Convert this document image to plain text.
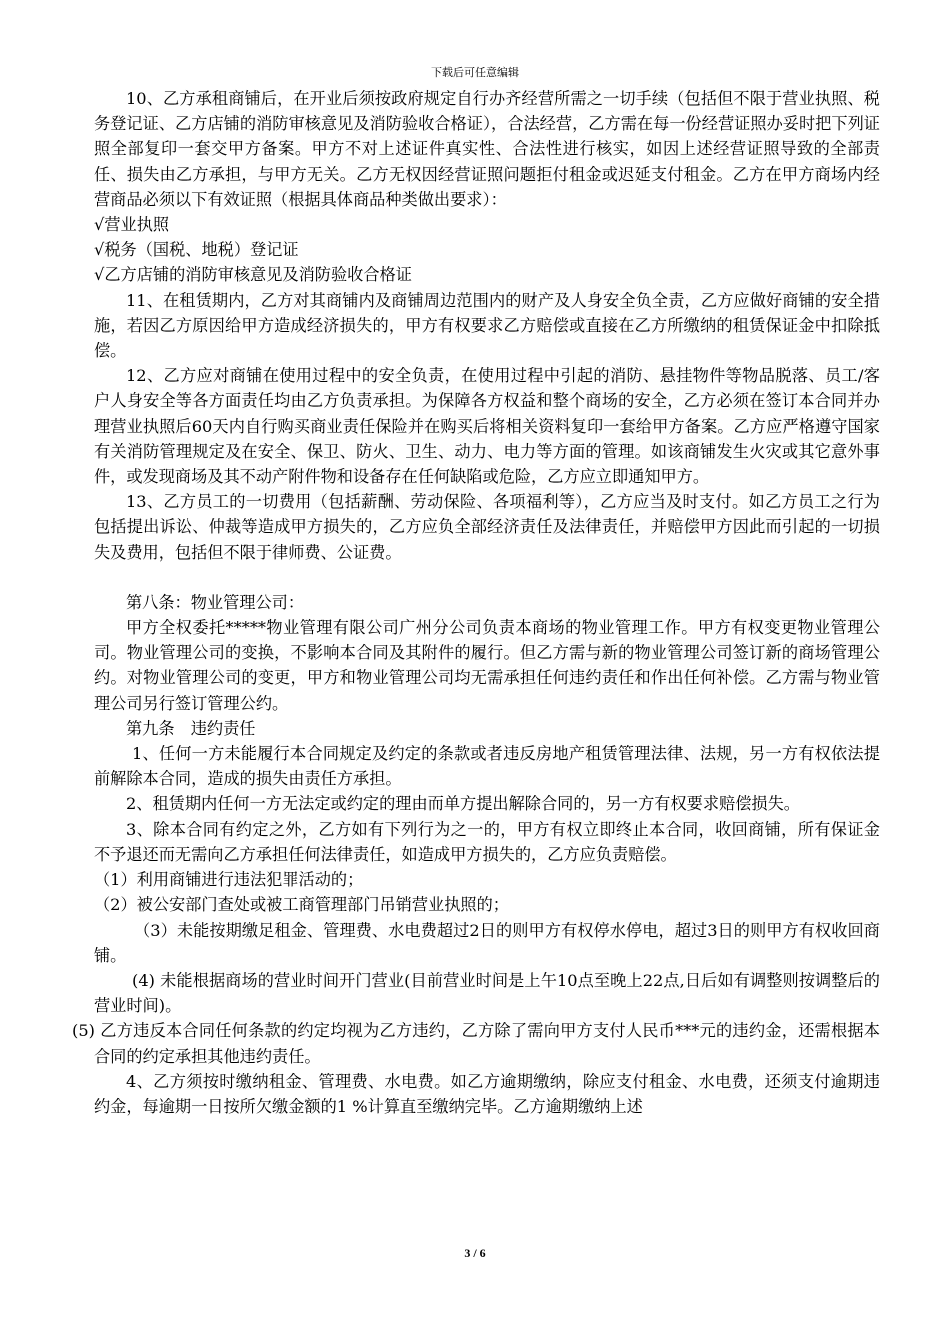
下载后可任意编辑

10、乙方承租商铺后，在开业后须按政府规定自行办齐经营所需之一切手续（包括但不限于营业执照、税务登记证、乙方店铺的消防审核意见及消防验收合格证），合法经营，乙方需在每一份经营证照办妥时把下列证照全部复印一套交甲方备案。甲方不对上述证件真实性、合法性进行核实，如因上述经营证照导致的全部责任、损失由乙方承担，与甲方无关。乙方无权因经营证照问题拒付租金或迟延支付租金。乙方在甲方商场内经营商品必须以下有效证照（根据具体商品种类做出要求）：

√营业执照

√税务（国税、地税）登记证

√乙方店铺的消防审核意见及消防验收合格证

11、在租赁期内，乙方对其商铺内及商铺周边范围内的财产及人身安全负全责，乙方应做好商铺的安全措施，若因乙方原因给甲方造成经济损失的，甲方有权要求乙方赔偿或直接在乙方所缴纳的租赁保证金中扣除抵偿。

12、乙方应对商铺在使用过程中的安全负责，在使用过程中引起的消防、悬挂物件等物品脱落、员工/客户人身安全等各方面责任均由乙方负责承担。为保障各方权益和整个商场的安全，乙方必须在签订本合同并办理营业执照后60天内自行购买商业责任保险并在购买后将相关资料复印一套给甲方备案。乙方应严格遵守国家有关消防管理规定及在安全、保卫、防火、卫生、动力、电力等方面的管理。如该商铺发生火灾或其它意外事件，或发现商场及其不动产附件物和设备存在任何缺陷或危险，乙方应立即通知甲方。

13、乙方员工的一切费用（包括薪酬、劳动保险、各项福利等），乙方应当及时支付。如乙方员工之行为包括提出诉讼、仲裁等造成甲方损失的，乙方应负全部经济责任及法律责任，并赔偿甲方因此而引起的一切损失及费用，包括但不限于律师费、公证费。

第八条：物业管理公司：

甲方全权委托*****物业管理有限公司广州分公司负责本商场的物业管理工作。甲方有权变更物业管理公司。物业管理公司的变换，不影响本合同及其附件的履行。但乙方需与新的物业管理公司签订新的商场管理公约。对物业管理公司的变更，甲方和物业管理公司均无需承担任何违约责任和作出任何补偿。乙方需与物业管理公司另行签订管理公约。

第九条　违约责任

1、任何一方未能履行本合同规定及约定的条款或者违反房地产租赁管理法律、法规，另一方有权依法提前解除本合同，造成的损失由责任方承担。

2、租赁期内任何一方无法定或约定的理由而单方提出解除合同的，另一方有权要求赔偿损失。

3、除本合同有约定之外，乙方如有下列行为之一的，甲方有权立即终止本合同，收回商铺，所有保证金不予退还而无需向乙方承担任何法律责任，如造成甲方损失的，乙方应负责赔偿。

（1）利用商铺进行违法犯罪活动的；

（2）被公安部门查处或被工商管理部门吊销营业执照的；

（3）未能按期缴足租金、管理费、水电费超过2日的则甲方有权停水停电，超过3日的则甲方有权收回商铺。

(4) 未能根据商场的营业时间开门营业(目前营业时间是上午10点至晚上22点,日后如有调整则按调整后的营业时间)。

(5) 乙方违反本合同任何条款的约定均视为乙方违约，乙方除了需向甲方支付人民币***元的违约金，还需根据本合同的约定承担其他违约责任。

4、乙方须按时缴纳租金、管理费、水电费。如乙方逾期缴纳，除应支付租金、水电费，还须支付逾期违约金，每逾期一日按所欠缴金额的1 %计算直至缴纳完毕。乙方逾期缴纳上述

3 / 6
